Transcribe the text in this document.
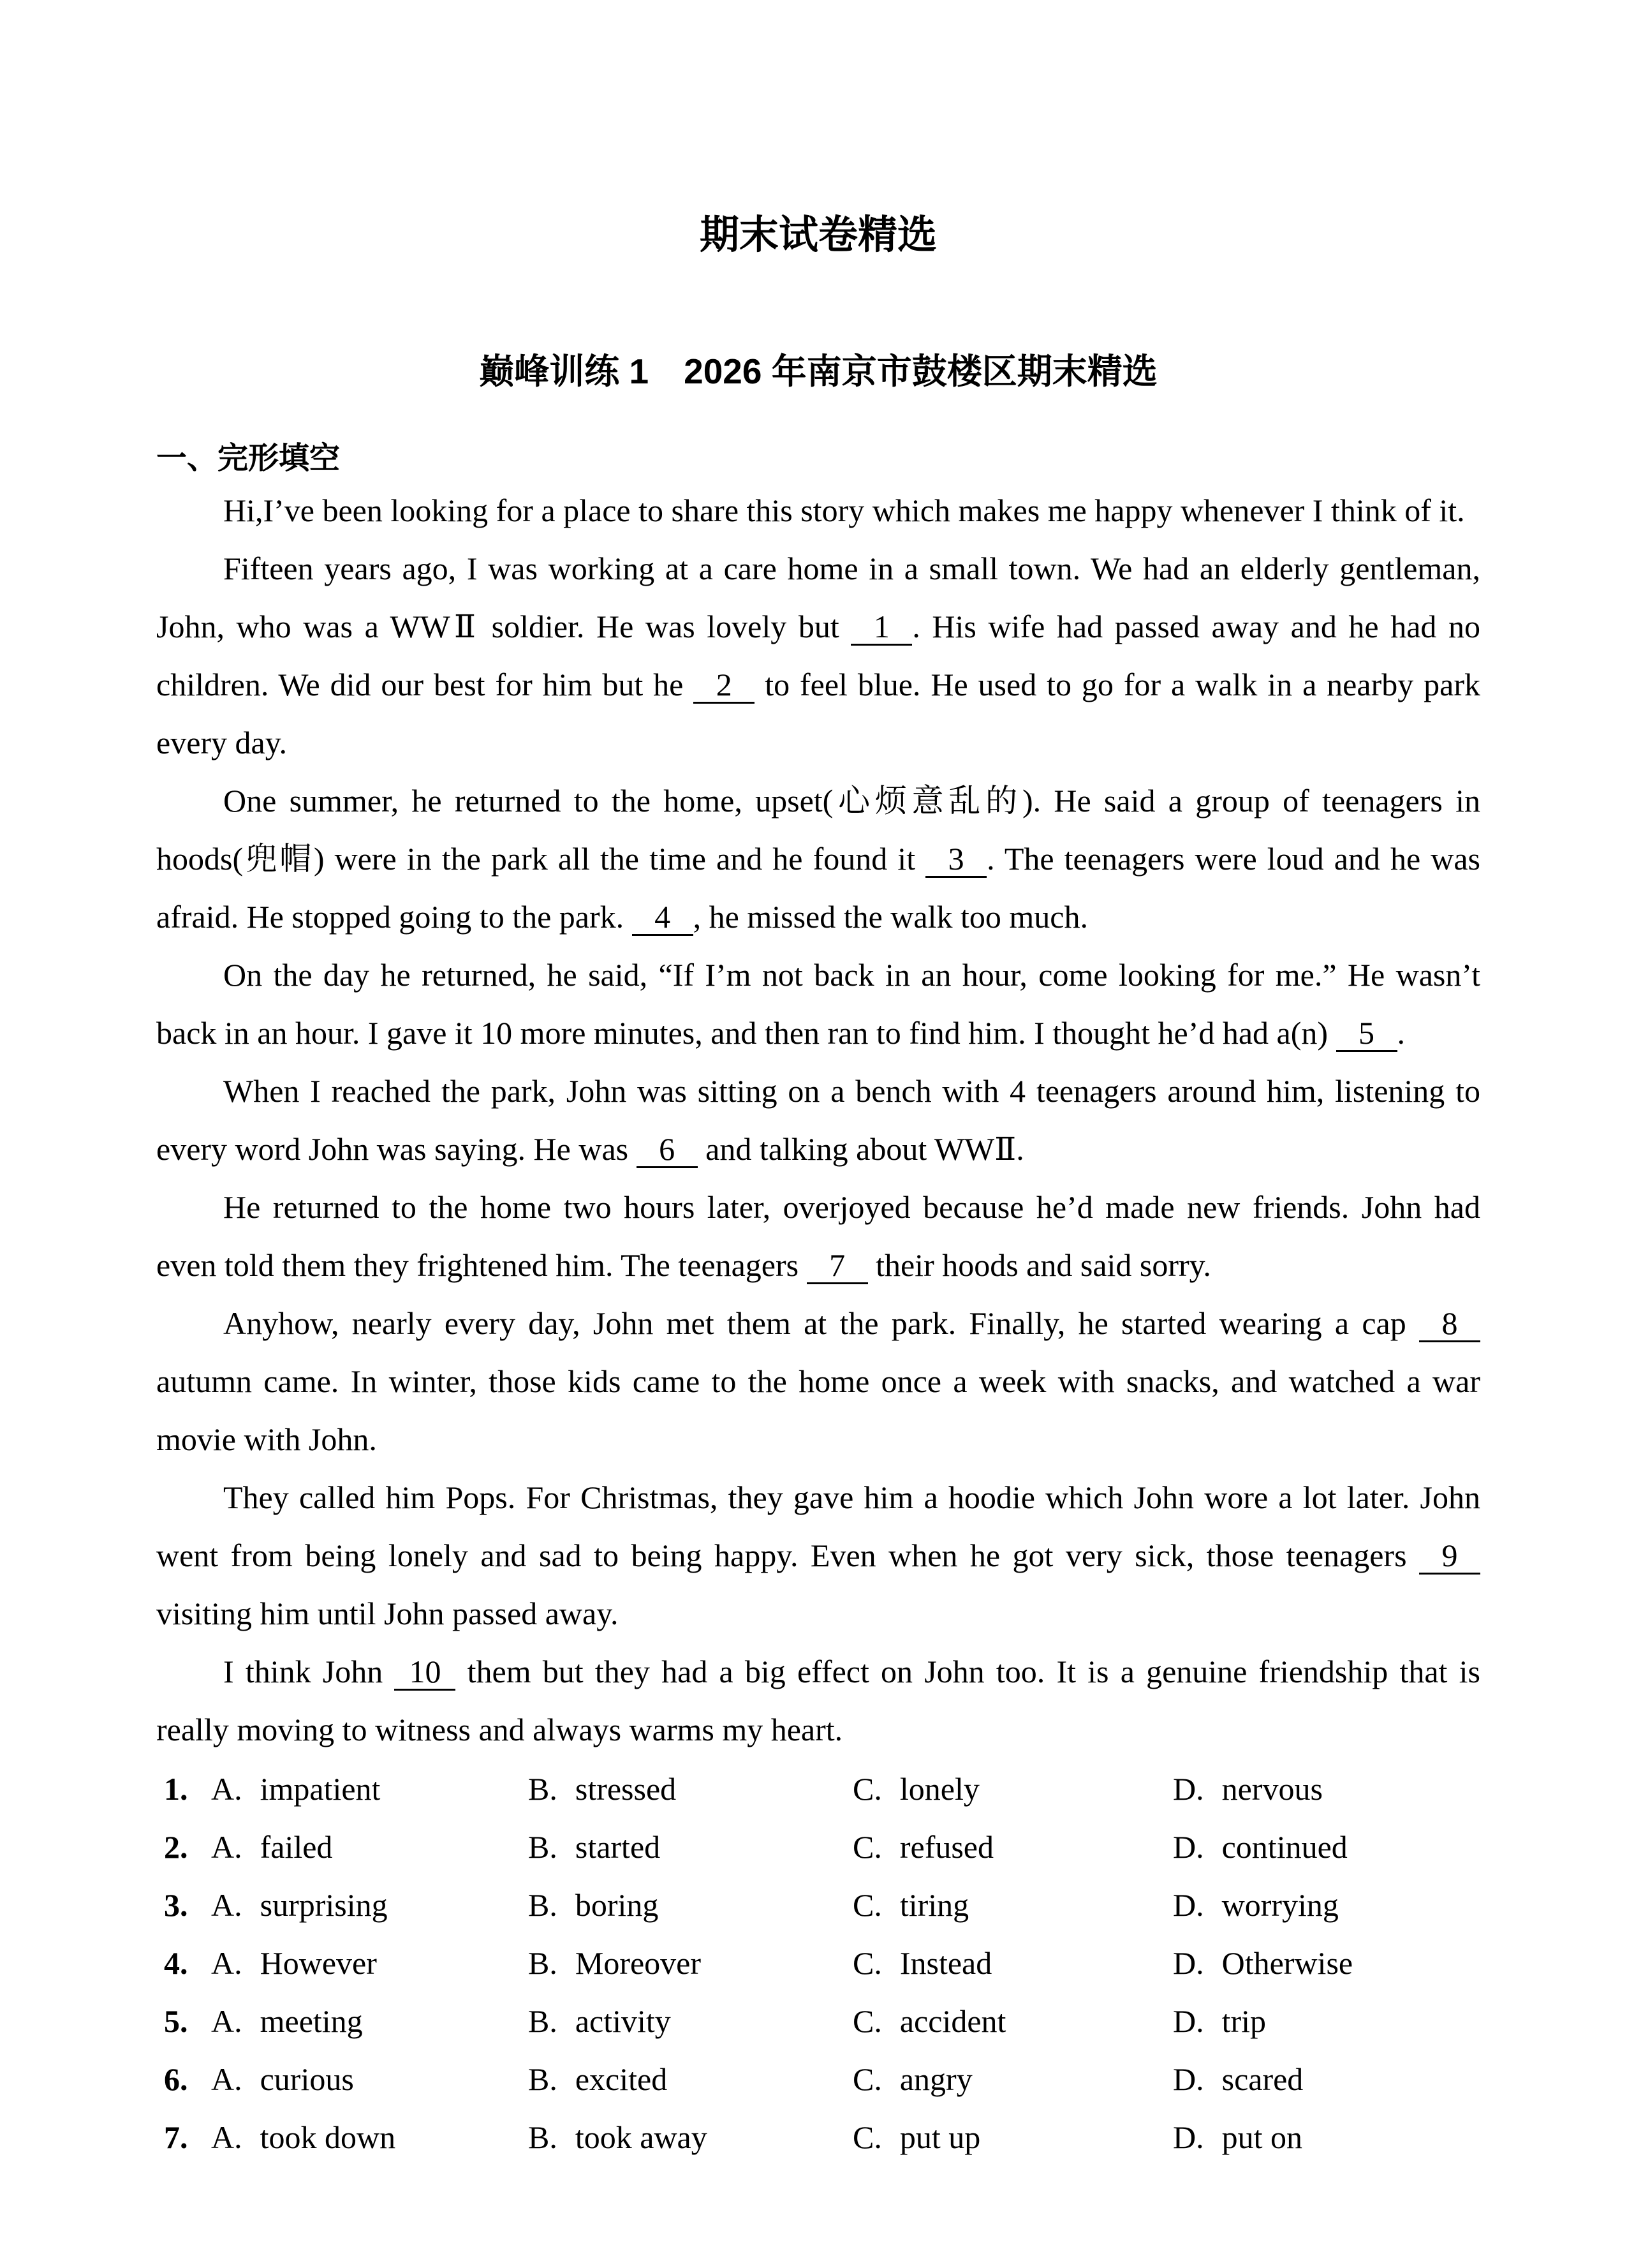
期末试卷精选
巅峰训练 1　2026 年南京市鼓楼区期末精选
一、完形填空

Hi,I’ve been looking for a place to share this story which makes me happy whenever I think of it.

Fifteen years ago, I was working at a care home in a small town. We had an elderly gentleman, John, who was a WWⅡ soldier. He was lovely but 1 . His wife had passed away and he had no children. We did our best for him but he 2 to feel blue. He used to go for a walk in a nearby park every day.

One summer, he returned to the home, upset(心烦意乱的). He said a group of teenagers in hoods(兜帽) were in the park all the time and he found it 3 . The teenagers were loud and he was afraid. He stopped going to the park. 4 , he missed the walk too much.

On the day he returned, he said, “If I’m not back in an hour, come looking for me.” He wasn’t back in an hour. I gave it 10 more minutes, and then ran to find him. I thought he’d had a(n) 5 .

When I reached the park, John was sitting on a bench with 4 teenagers around him, listening to every word John was saying. He was 6 and talking about WWⅡ.

He returned to the home two hours later, overjoyed because he’d made new friends. John had even told them they frightened him. The teenagers 7 their hoods and said sorry.

Anyhow, nearly every day, John met them at the park. Finally, he started wearing a cap 8 autumn came. In winter, those kids came to the home once a week with snacks, and watched a war movie with John.

They called him Pops. For Christmas, they gave him a hoodie which John wore a lot later. John went from being lonely and sad to being happy. Even when he got very sick, those teenagers 9 visiting him until John passed away.

I think John 10 them but they had a big effect on John too. It is a genuine friendship that is really moving to witness and always warms my heart.

1. A. impatient	B. stressed	C. lonely	D. nervous
2. A. failed	B. started	C. refused	D. continued
3. A. surprising	B. boring	C. tiring	D. worrying
4. A. However	B. Moreover	C. Instead	D. Otherwise
5. A. meeting	B. activity	C. accident	D. trip
6. A. curious	B. excited	C. angry	D. scared
7. A. took down	B. took away	C. put up	D. put on
